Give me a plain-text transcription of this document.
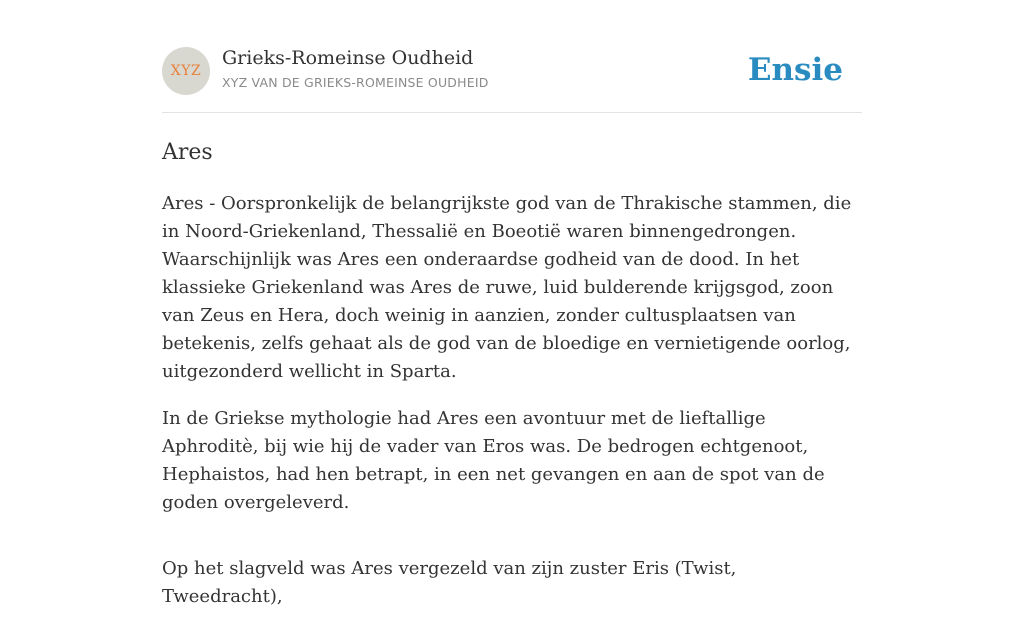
XYZ
Grieks-Romeinse Oudheid
XYZ VAN DE GRIEKS-ROMEINSE OUDHEID	Ensie
Ares

Ares - Oorspronkelijk de belangrijkste god van de Thrakische stammen, die in Noord-Griekenland, Thessalië en Boeotië waren binnengedrongen. Waarschijnlijk was Ares een onderaardse godheid van de dood. In het klassieke Griekenland was Ares de ruwe, luid bulderende krijgsgod, zoon van Zeus en Hera, doch weinig in aanzien, zonder cultusplaatsen van betekenis, zelfs gehaat als de god van de bloedige en vernietigende oorlog, uitgezonderd wellicht in Sparta.

In de Griekse mythologie had Ares een avontuur met de lieftallige Aphroditè, bij wie hij de vader van Eros was. De bedrogen echtgenoot, Hephaistos, had hen betrapt, in een net gevangen en aan de spot van de goden overgeleverd.

Op het slagveld was Ares vergezeld van zijn zuster Eris (Twist, Tweedracht),
